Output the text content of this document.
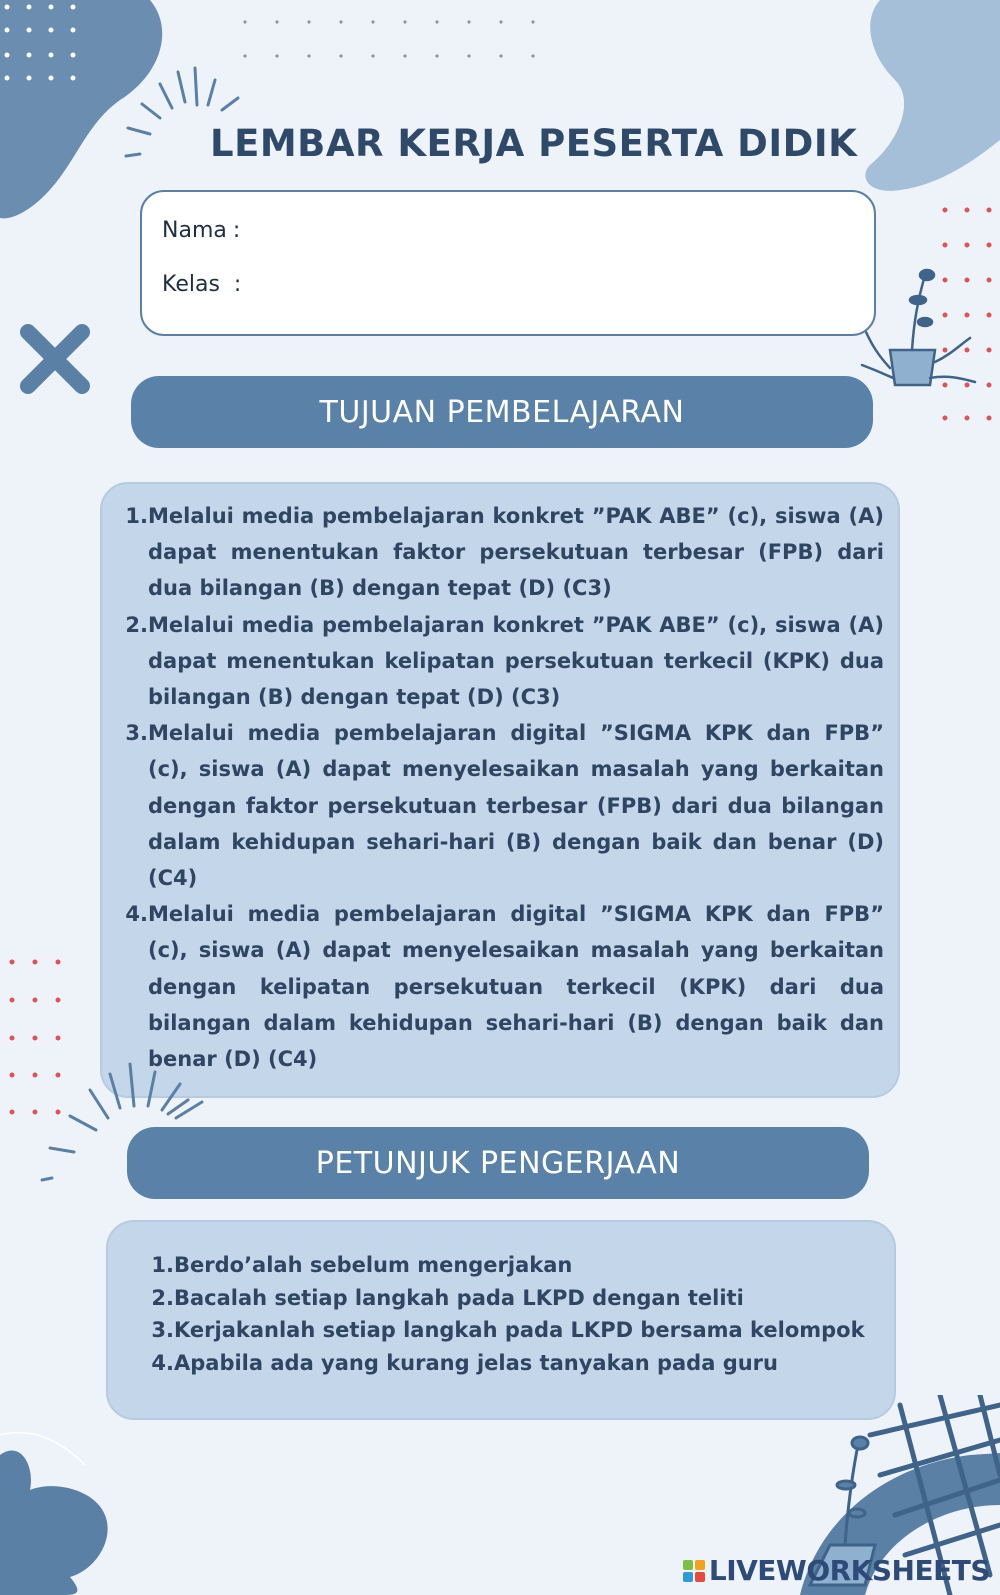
LEMBAR KERJA PESERTA DIDIK
Nama :
Kelas :
TUJUAN PEMBELAJARAN
1. Melalui media pembelajaran konkret ”PAK ABE” (c), siswa (A) dapat menentukan faktor persekutuan terbesar (FPB) dari dua bilangan (B) dengan tepat (D) (C3)
2. Melalui media pembelajaran konkret ”PAK ABE” (c), siswa (A) dapat menentukan kelipatan persekutuan terkecil (KPK) dua bilangan (B) dengan tepat (D) (C3)
3. Melalui media pembelajaran digital ”SIGMA KPK dan FPB” (c), siswa (A) dapat menyelesaikan masalah yang berkaitan dengan faktor persekutuan terbesar (FPB) dari dua bilangan dalam kehidupan sehari-hari (B) dengan baik dan benar (D) (C4)
4. Melalui media pembelajaran digital ”SIGMA KPK dan FPB” (c), siswa (A) dapat menyelesaikan masalah yang berkaitan dengan kelipatan persekutuan terkecil (KPK) dari dua bilangan dalam kehidupan sehari-hari (B) dengan baik dan benar (D) (C4)
PETUNJUK PENGERJAAN
1. Berdo’alah sebelum mengerjakan
2. Bacalah setiap langkah pada LKPD dengan teliti
3. Kerjakanlah setiap langkah pada LKPD bersama kelompok
4. Apabila ada yang kurang jelas tanyakan pada guru
LIVEWORKSHEETS
